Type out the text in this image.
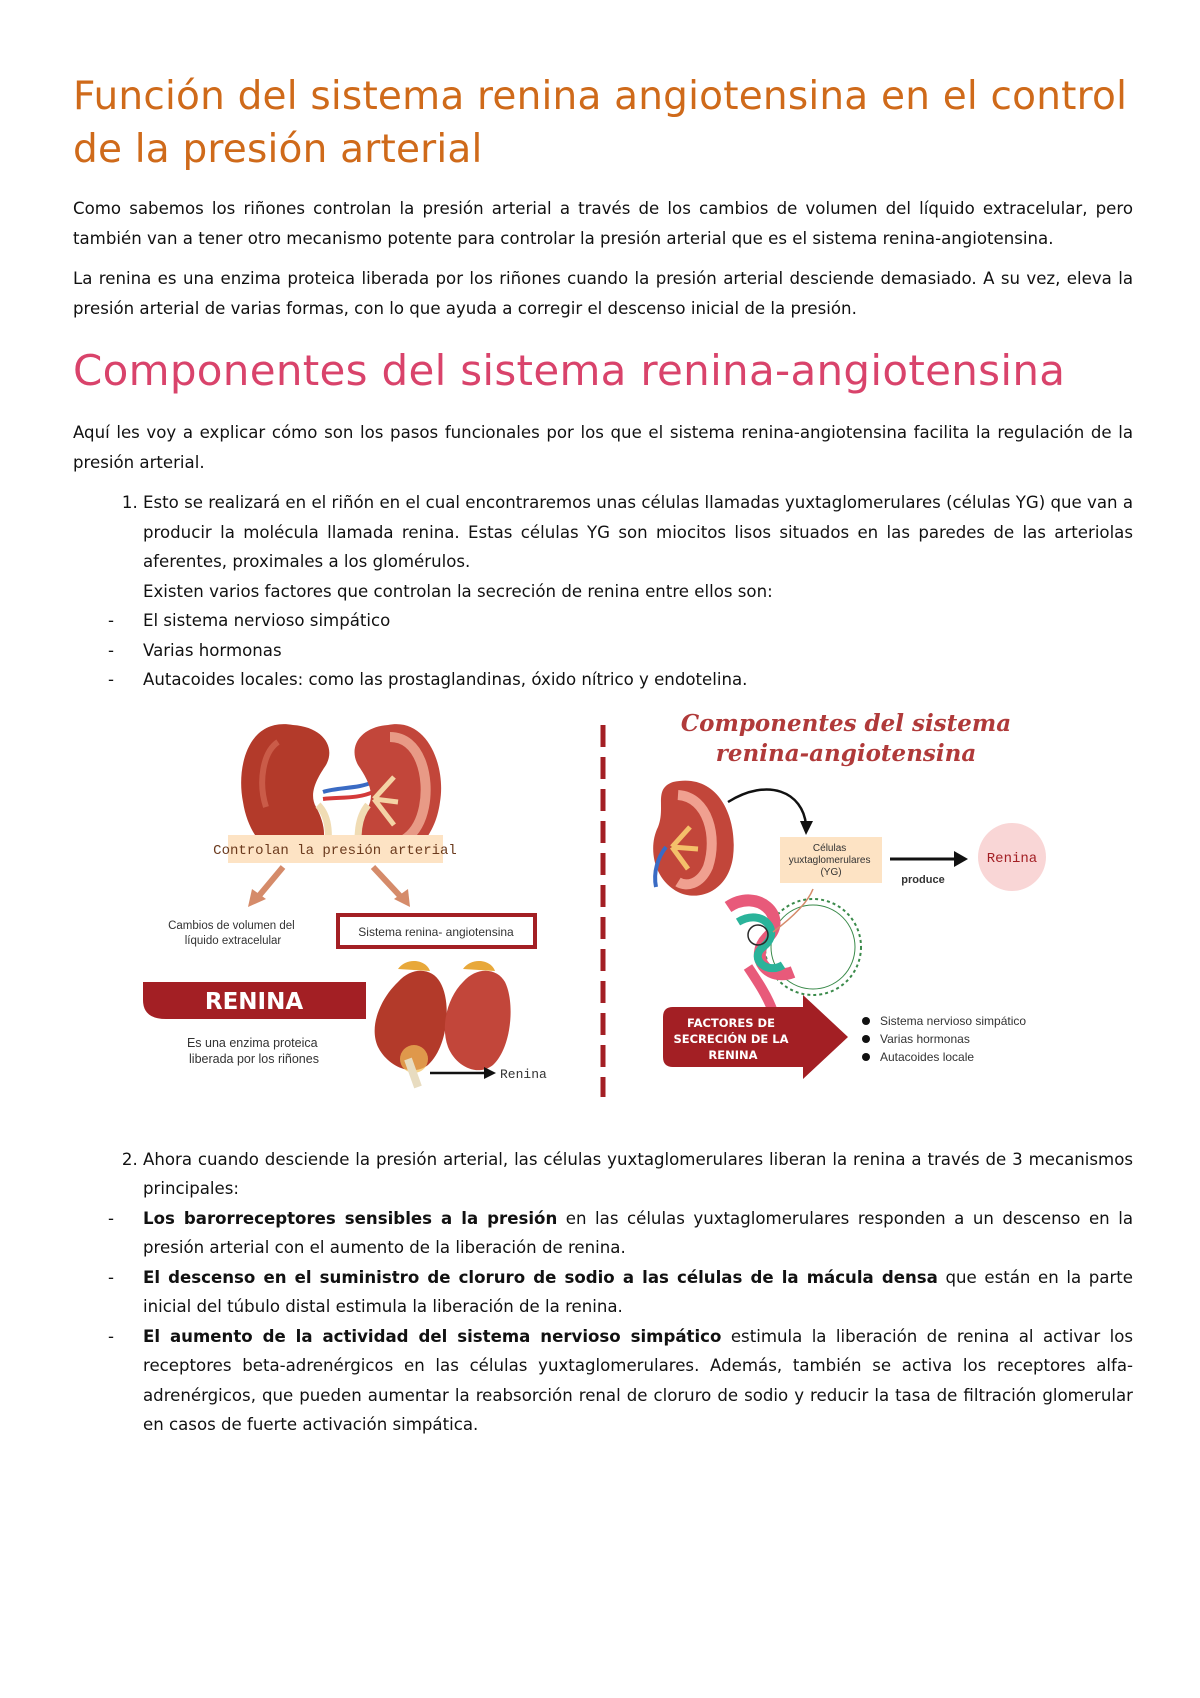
Función del sistema renina angiotensina en el control de la presión arterial

Como sabemos los riñones controlan la presión arterial a través de los cambios de volumen del líquido extracelular, pero también van a tener otro mecanismo potente para controlar la presión arterial que es el sistema renina-angiotensina.

La renina es una enzima proteica liberada por los riñones cuando la presión arterial desciende demasiado. A su vez, eleva la presión arterial de varias formas, con lo que ayuda a corregir el descenso inicial de la presión.

Componentes del sistema renina-angiotensina

Aquí les voy a explicar cómo son los pasos funcionales por los que el sistema renina-angiotensina facilita la regulación de la presión arterial.

1. Esto se realizará en el riñón en el cual encontraremos unas células llamadas yuxtaglomerulares (células YG) que van a producir la molécula llamada renina. Estas células YG son miocitos lisos situados en las paredes de las arteriolas aferentes, proximales a los glomérulos.
Existen varios factores que controlan la secreción de renina entre ellos son:
- El sistema nervioso simpático
- Varias hormonas
- Autacoides locales: como las prostaglandinas, óxido nítrico y endotelina.
Controlan la presión arterial
Cambios de volumen del líquido extracelular
Sistema renina- angiotensina
RENINA
Es una enzima proteica liberada por los riñones
Renina
Componentes del sistema
renina-angiotensina
Células yuxtaglomerulares (YG)
produce
Renina
FACTORES DE SECRECIÓN DE LA RENINA
Sistema nervioso simpático
Varias hormonas
Autacoides locale
2. Ahora cuando desciende la presión arterial, las células yuxtaglomerulares liberan la renina a través de 3 mecanismos principales:
- Los barorreceptores sensibles a la presión en las células yuxtaglomerulares responden a un descenso en la presión arterial con el aumento de la liberación de renina.
- El descenso en el suministro de cloruro de sodio a las células de la mácula densa que están en la parte inicial del túbulo distal estimula la liberación de la renina.
- El aumento de la actividad del sistema nervioso simpático estimula la liberación de renina al activar los receptores beta-adrenérgicos en las células yuxtaglomerulares. Además, también se activa los receptores alfa-adrenérgicos, que pueden aumentar la reabsorción renal de cloruro de sodio y reducir la tasa de filtración glomerular en casos de fuerte activación simpática.
